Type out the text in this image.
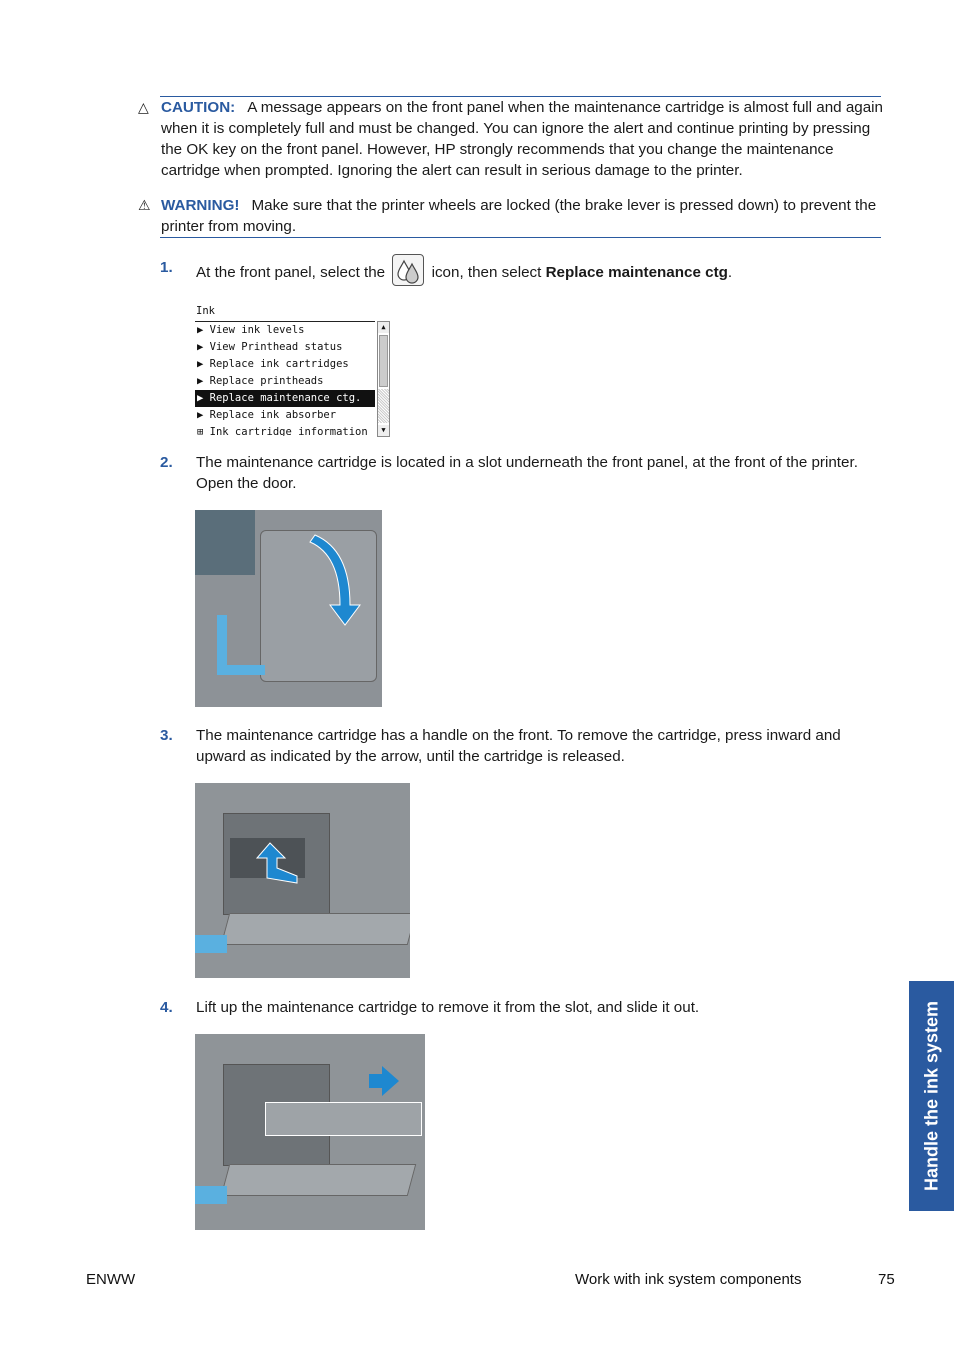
△ CAUTION: A message appears on the front panel when the maintenance cartridge is almost full and again when it is completely full and must be changed. You can ignore the alert and continue printing by pressing the OK key on the front panel. However, HP strongly recommends that you change the maintenance cartridge when prompted. Ignoring the alert can result in serious damage to the printer.
⚠ WARNING! Make sure that the printer wheels are locked (the brake lever is pressed down) to prevent the printer from moving.
1. At the front panel, select the	icon, then select Replace maintenance ctg.
Ink
▶ View ink levels
▶ View Printhead status
▶ Replace ink cartridges
▶ Replace printheads
▶ Replace maintenance ctg.
▶ Replace ink absorber
⊞ Ink cartridge information
▲
▼
2. The maintenance cartridge is located in a slot underneath the front panel, at the front of the printer. Open the door.
3. The maintenance cartridge has a handle on the front. To remove the cartridge, press inward and upward as indicated by the arrow, until the cartridge is released.
4. Lift up the maintenance cartridge to remove it from the slot, and slide it out.	Handle the ink system
ENWW	Work with ink system components	75
